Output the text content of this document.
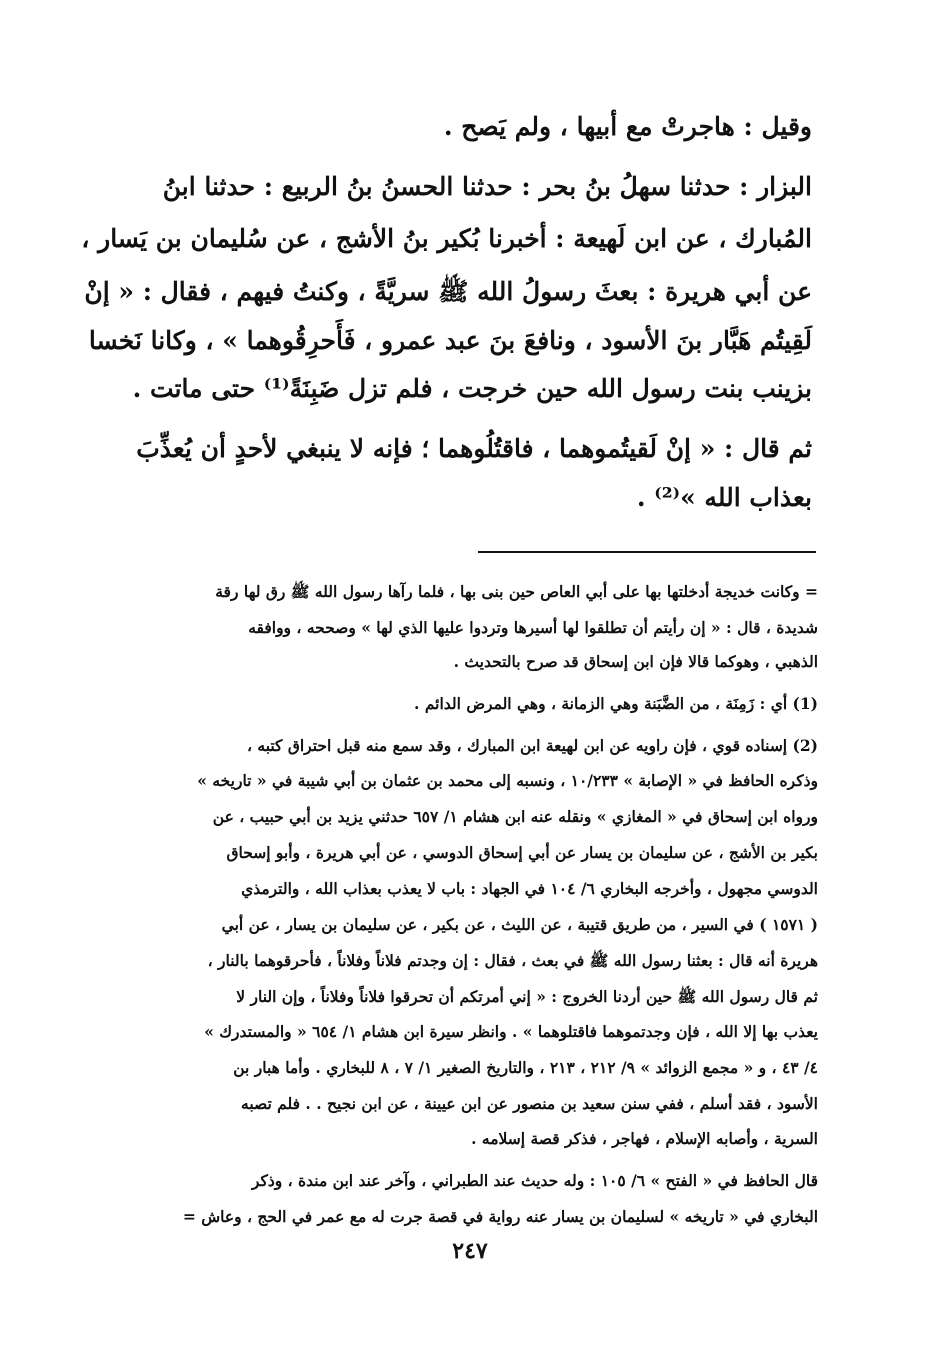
وقيل : هاجرتْ مع أبيها ، ولم يَصح .
البزار : حدثنا سهلُ بنُ بحر : حدثنا الحسنُ بنُ الربيع : حدثنا ابنُ
المُبارك ، عن ابن لَهيعة : أخبرنا بُكير بنُ الأشج ، عن سُليمان بن يَسار ،
عن أبي هريرة : بعثَ رسولُ الله ﷺ سريَّةً ، وكنتُ فيهم ، فقال : « إنْ
لَقِيتُم هَبَّار بنَ الأسود ، ونافعَ بنَ عبد عمرو ، فَأَحرِقُوهما » ، وكانا نَخسا
بزينب بنت رسول الله حين خرجت ، فلم تزل ضَبِنَةً⁽¹⁾ حتى ماتت .
ثم قال : « إنْ لَقيتُموهما ، فاقتُلُوهما ؛ فإنه لا ينبغي لأحدٍ أن يُعذِّبَ
بعذاب الله »⁽²⁾ .
= وكانت خديجة أدخلتها بها على أبي العاص حين بنى بها ، فلما رآها رسول الله ﷺ رق لها رقة
شديدة ، قال : « إن رأيتم أن تطلقوا لها أسيرها وتردوا عليها الذي لها » وصححه ، ووافقه
الذهبي ، وهوكما قالا فإن ابن إسحاق قد صرح بالتحديث .
(1) أي : زَمِنَة ، من الضَّبَنة وهي الزمانة ، وهي المرض الدائم .
(2) إسناده قوي ، فإن راويه عن ابن لهيعة ابن المبارك ، وقد سمع منه قبل احتراق كتبه ،
وذكره الحافظ في « الإصابة » ١٠/٢٣٣ ، ونسبه إلى محمد بن عثمان بن أبي شيبة في « تاريخه »
ورواه ابن إسحاق في « المغازي » ونقله عنه ابن هشام ١/ ٦٥٧ حدثني يزيد بن أبي حبيب ، عن
بكير بن الأشج ، عن سليمان بن يسار عن أبي إسحاق الدوسي ، عن أبي هريرة ، وأبو إسحاق
الدوسي مجهول ، وأخرجه البخاري ٦/ ١٠٤ في الجهاد : باب لا يعذب بعذاب الله ، والترمذي
( ١٥٧١ ) في السير ، من طريق قتيبة ، عن الليث ، عن بكير ، عن سليمان بن يسار ، عن أبي
هريرة أنه قال : بعثنا رسول الله ﷺ في بعث ، فقال : إن وجدتم فلاناً وفلاناً ، فأحرقوهما بالنار ،
ثم قال رسول الله ﷺ حين أردنا الخروج : « إني أمرتكم أن تحرقوا فلاناً وفلاناً ، وإن النار لا
يعذب بها إلا الله ، فإن وجدتموهما فاقتلوهما » . وانظر سيرة ابن هشام ١/ ٦٥٤ « والمستدرك »
٤/ ٤٣ ، و « مجمع الزوائد » ٩/ ٢١٢ ، ٢١٣ ، والتاريخ الصغير ١/ ٧ ، ٨ للبخاري . وأما هبار بن
الأسود ، فقد أسلم ، ففي سنن سعيد بن منصور عن ابن عيينة ، عن ابن نجيح . . فلم تصبه
السرية ، وأصابه الإسلام ، فهاجر ، فذكر قصة إسلامه .
قال الحافظ في « الفتح » ٦/ ١٠٥ : وله حديث عند الطبراني ، وآخر عند ابن مندة ، وذكر
البخاري في « تاريخه » لسليمان بن يسار عنه رواية في قصة جرت له مع عمر في الحج ، وعاش =
٢٤٧
